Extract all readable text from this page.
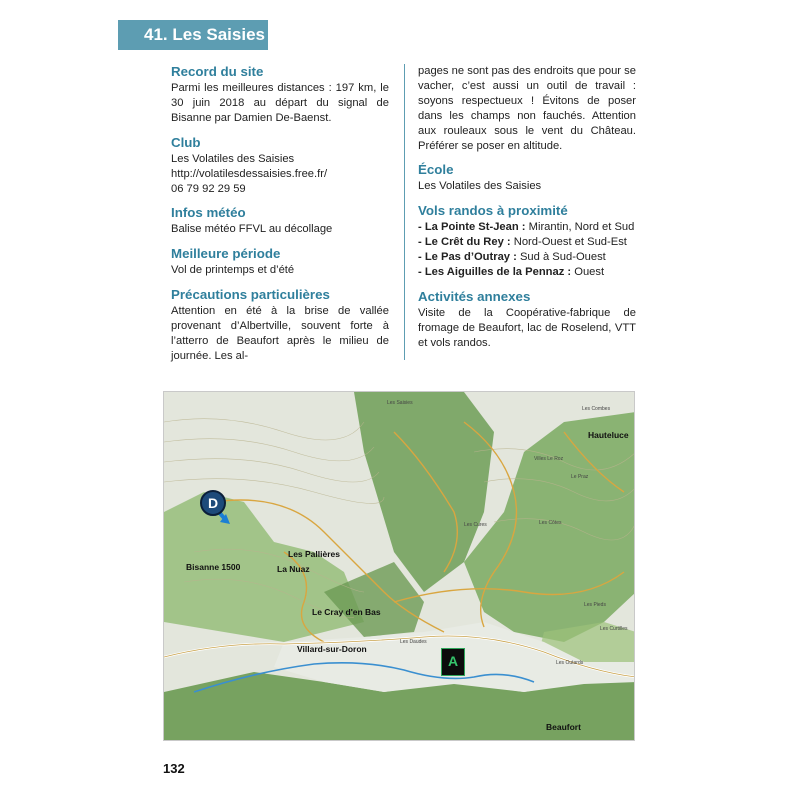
41. Les Saisies
Record du site

Parmi les meilleures distances : 197 km, le 30 juin 2018 au départ du signal de Bisanne par Damien De-Baenst.

Club

Les Volatiles des Saisies

http://volatilesdessaisies.free.fr/

06 79 92 29 59

Infos météo

Balise météo FFVL au décollage

Meilleure période

Vol de printemps et d’été

Précautions particulières

Attention en été à la brise de vallée provenant d’Albertville, souvent forte à l’atterro de Beaufort après le milieu de journée. Les al-

pages ne sont pas des endroits que pour se vacher, c’est aussi un outil de travail : soyons respectueux ! Évitons de poser dans les champs non fauchés. Attention aux rouleaux sous le vent du Château. Préférer se poser en altitude.

École

Les Volatiles des Saisies

Vols randos à proximité

- La Pointe St-Jean : Mirantin, Nord et Sud

- Le Crêt du Rey : Nord-Ouest et Sud-Est

- Le Pas d’Outray : Sud à Sud-Ouest

- Les Aiguilles de la Pennaz : Ouest

Activités annexes

Visite de la Coopérative-fabrique de fromage de Beaufort, lac de Roselend, VTT et vols randos.

D
A
Hauteluce
Bisanne 1500
Les Pallières
La Nuaz
Le Cray d'en Bas
Villard-sur-Doron
Beaufort
Les Saisies
Les Combes
Villes Le Roz
Le Praz
Les Cures	Les Côtes
Les Daudes
Les Outards
Les Curtilles
Les Pieds
132
